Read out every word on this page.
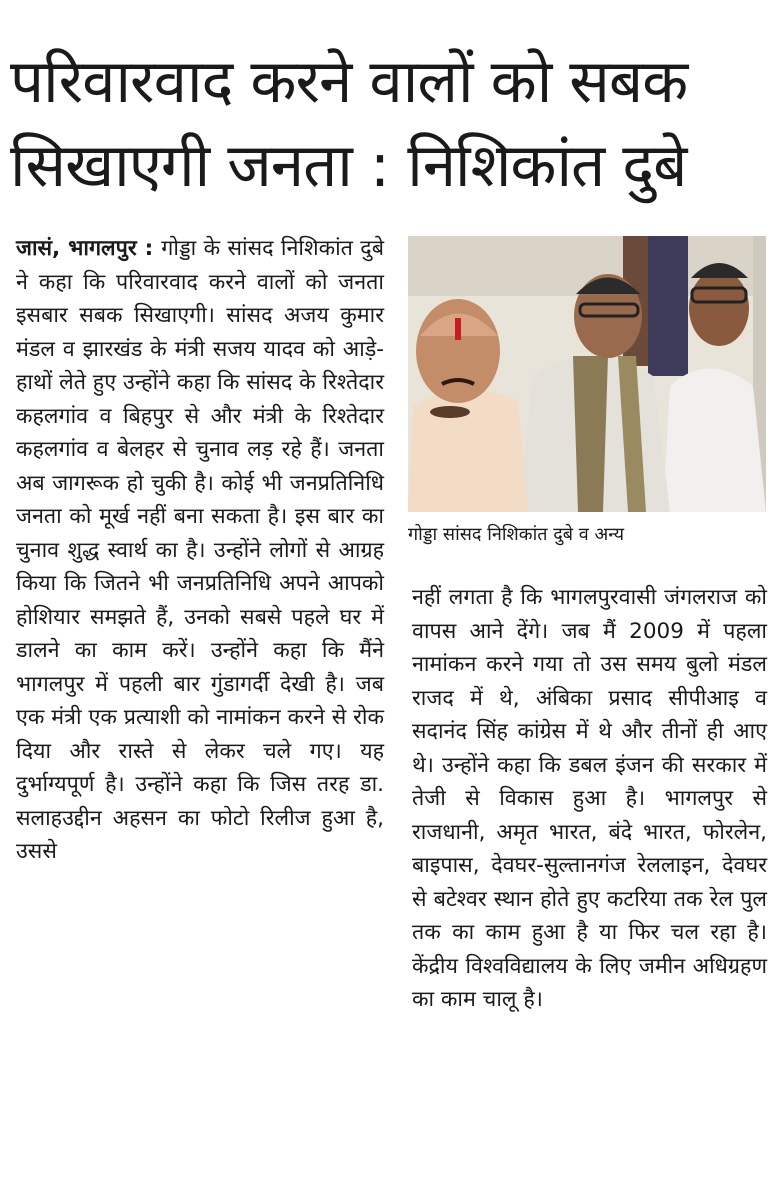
परिवारवाद करने वालों को सबक
सिखाएगी जनता : निशिकांत दुबे

जासं, भागलपुर : गोड्डा के सांसद निशिकांत दुबे ने कहा कि परिवारवाद करने वालों को जनता इसबार सबक सिखाएगी। सांसद अजय कुमार मंडल व झारखंड के मंत्री सजय यादव को आड़े-हाथों लेते हुए उन्होंने कहा कि सांसद के रिश्तेदार कहलगांव व बिहपुर से और मंत्री के रिश्तेदार कहलगांव व बेलहर से चुनाव लड़ रहे हैं। जनता अब जागरूक हो चुकी है। कोई भी जनप्रतिनिधि जनता को मूर्ख नहीं बना सकता है। इस बार का चुनाव शुद्ध स्वार्थ का है। उन्होंने लोगों से आग्रह किया कि जितने भी जनप्रतिनिधि अपने आपको होशियार समझते हैं, उनको सबसे पहले घर में डालने का काम करें। उन्होंने कहा कि मैंने भागलपुर में पहली बार गुंडागर्दी देखी है। जब एक मंत्री एक प्रत्याशी को नामांकन करने से रोक दिया और रास्ते से लेकर चले गए। यह दुर्भाग्यपूर्ण है। उन्होंने कहा कि जिस तरह डा. सलाहउद्दीन अहसन का फोटो रिलीज हुआ है, उससे

गोड्डा सांसद निशिकांत दुबे व अन्य

नहीं लगता है कि भागलपुरवासी जंगलराज को वापस आने देंगे। जब मैं 2009 में पहला नामांकन करने गया तो उस समय बुलो मंडल राजद में थे, अंबिका प्रसाद सीपीआइ व सदानंद सिंह कांग्रेस में थे और तीनों ही आए थे। उन्होंने कहा कि डबल इंजन की सरकार में तेजी से विकास हुआ है। भागलपुर से राजधानी, अमृत भारत, बंदे भारत, फोरलेन, बाइपास, देवघर-सुल्तानगंज रेललाइन, देवघर से बटेश्वर स्थान होते हुए कटरिया तक रेल पुल तक का काम हुआ है या फिर चल रहा है। केंद्रीय विश्वविद्यालय के लिए जमीन अधिग्रहण का काम चालू है।
